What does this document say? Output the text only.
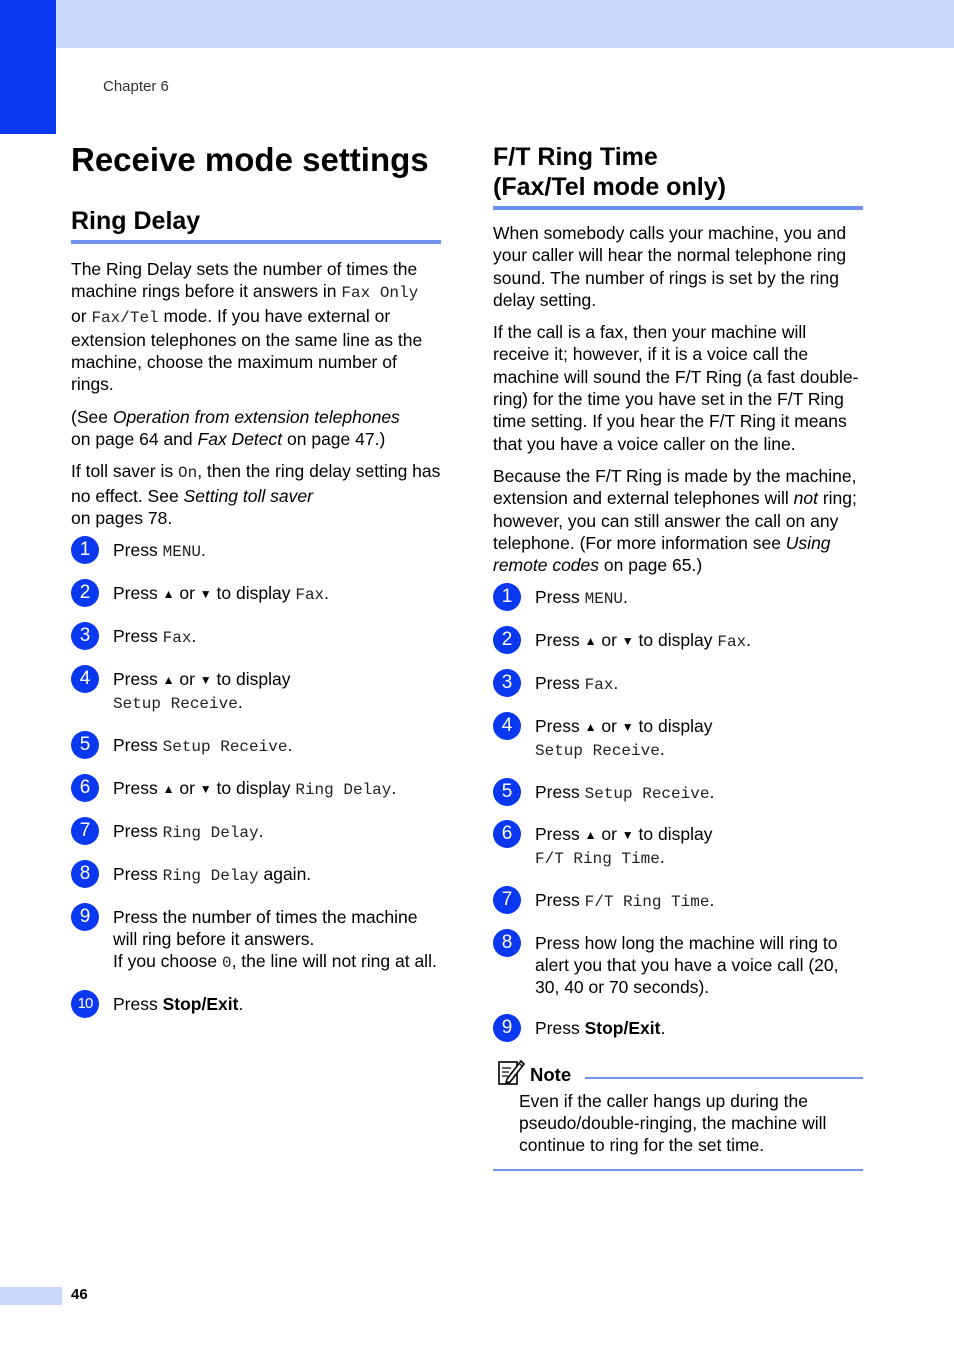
Chapter 6
Receive mode settings
Ring Delay

The Ring Delay sets the number of times the machine rings before it answers in Fax Only
or Fax/Tel mode. If you have external or extension telephones on the same line as the machine, choose the maximum number of rings.

(See Operation from extension telephones
on page 64 and Fax Detect on page 47.)

If toll saver is On, then the ring delay setting has no effect. See Setting toll saver
on pages 78.

1	Press MENU.
2	Press ▲ or ▼ to display Fax.
3	Press Fax.
4	Press ▲ or ▼ to display
Setup Receive.
5	Press Setup Receive.
6	Press ▲ or ▼ to display Ring Delay.
7	Press Ring Delay.
8	Press Ring Delay again.
9	Press the number of times the machine will ring before it answers.
If you choose 0, the line will not ring at all.
10	Press Stop/Exit.
F/T Ring Time
(Fax/Tel mode only)

When somebody calls your machine, you and your caller will hear the normal telephone ring sound. The number of rings is set by the ring delay setting.

If the call is a fax, then your machine will receive it; however, if it is a voice call the machine will sound the F/T Ring (a fast double-ring) for the time you have set in the F/T Ring time setting. If you hear the F/T Ring it means that you have a voice caller on the line.

Because the F/T Ring is made by the machine, extension and external telephones will not ring; however, you can still answer the call on any telephone. (For more information see Using remote codes on page 65.)

1	Press MENU.
2	Press ▲ or ▼ to display Fax.
3	Press Fax.
4	Press ▲ or ▼ to display
Setup Receive.
5	Press Setup Receive.
6	Press ▲ or ▼ to display
F/T Ring Time.
7	Press F/T Ring Time.
8	Press how long the machine will ring to alert you that you have a voice call (20, 30, 40 or 70 seconds).
9	Press Stop/Exit.
Note
Even if the caller hangs up during the pseudo/double-ringing, the machine will continue to ring for the set time.
46
